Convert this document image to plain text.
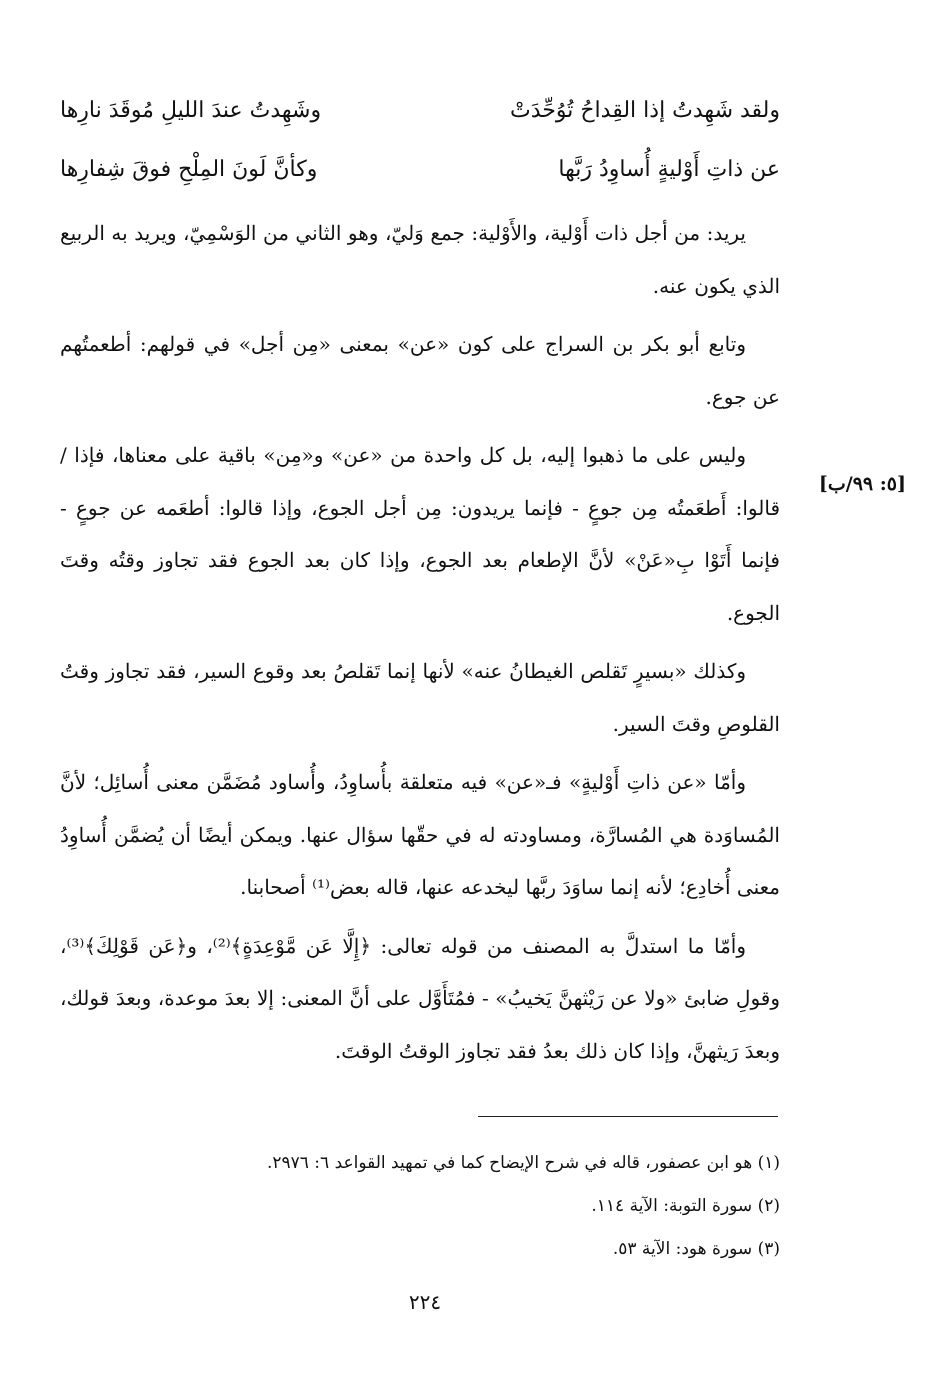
ولقد شَهِدتُ إذا القِداحُ تُوُحِّدَتْ
وشَهِدتُ عندَ الليلِ مُوقَدَ نارِها
عن ذاتِ أَوْليةٍ أُساوِدُ رَبَّها
وكأنَّ لَونَ المِلْحِ فوقَ شِفارِها
[٥: ٩٩/ب]

يريد: من أجل ذات أَوْلية، والأَوْلية: جمع وَليّ، وهو الثاني من الوَسْمِيّ، ويريد به الربيع الذي يكون عنه.

وتابع أبو بكر بن السراج على كون «عن» بمعنى «مِن أجل» في قولهم: أطعمتُهم عن جوع.

وليس على ما ذهبوا إليه، بل كل واحدة من «عن» و«مِن» باقية على معناها، فإذا /قالوا: أَطعَمتُه مِن جوعٍ - فإنما يريدون: مِن أجل الجوع، وإذا قالوا: أطعَمه عن جوعٍ - فإنما أَتَوْا بِ«عَنْ» لأنَّ الإطعام بعد الجوع، وإذا كان بعد الجوع فقد تجاوز وقتُه وقتَ الجوع.

وكذلك «بسيرٍ تَقلص الغيطانُ عنه» لأنها إنما تَقلصُ بعد وقوع السير، فقد تجاوز وقتُ القلوصِ وقتَ السير.

وأمّا «عن ذاتِ أَوْليةٍ» فـ«عن» فيه متعلقة بأُساوِدُ، وأُساود مُضَمَّن معنى أُسائِل؛ لأنَّ المُساوَدة هي المُسارَّة، ومساودته له في حقّها سؤال عنها. ويمكن أيضًا أن يُضمَّن أُساوِدُ معنى أُخادِع؛ لأنه إنما ساوَدَ ربَّها ليخدعه عنها، قاله بعض⁽¹⁾ أصحابنا.

وأمّا ما استدلَّ به المصنف من قوله تعالى: ﴿إِلَّا عَن مَّوْعِدَةٍ﴾⁽²⁾، و﴿عَن قَوْلِكَ﴾⁽³⁾، وقولِ ضابئ «ولا عن رَيْثهنَّ يَخيبُ» - فمُتَأَوَّل على أنَّ المعنى: إلا بعدَ موعدة، وبعدَ قولك، وبعدَ رَيثهنَّ، وإذا كان ذلك بعدُ فقد تجاوز الوقتُ الوقتَ.

(١) هو ابن عصفور، قاله في شرح الإيضاح كما في تمهيد القواعد ٦: ٢٩٧٦.
(٢) سورة التوبة: الآية ١١٤.
(٣) سورة هود: الآية ٥٣.
٢٢٤
